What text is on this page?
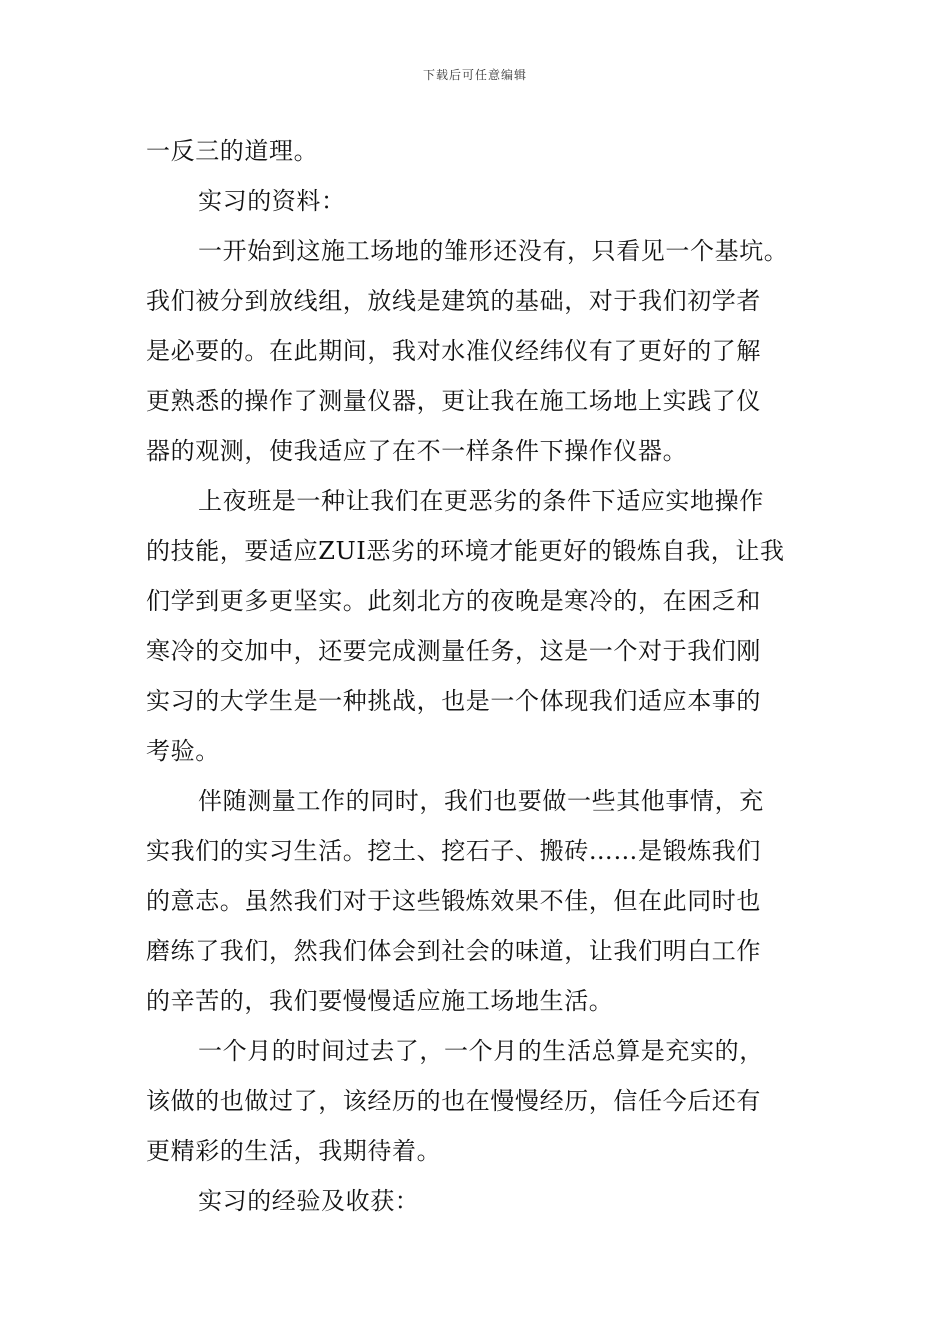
下载后可任意编辑
一反三的道理。
实习的资料：
一开始到这施工场地的雏形还没有，只看见一个基坑。
我们被分到放线组，放线是建筑的基础，对于我们初学者
是必要的。在此期间，我对水准仪经纬仪有了更好的了解
更熟悉的操作了测量仪器，更让我在施工场地上实践了仪
器的观测，使我适应了在不一样条件下操作仪器。
上夜班是一种让我们在更恶劣的条件下适应实地操作
的技能，要适应ZUI恶劣的环境才能更好的锻炼自我，让我
们学到更多更坚实。此刻北方的夜晚是寒冷的，在困乏和
寒冷的交加中，还要完成测量任务，这是一个对于我们刚
实习的大学生是一种挑战，也是一个体现我们适应本事的
考验。
伴随测量工作的同时，我们也要做一些其他事情，充
实我们的实习生活。挖土、挖石子、搬砖……是锻炼我们
的意志。虽然我们对于这些锻炼效果不佳，但在此同时也
磨练了我们，然我们体会到社会的味道，让我们明白工作
的辛苦的，我们要慢慢适应施工场地生活。
一个月的时间过去了，一个月的生活总算是充实的，
该做的也做过了，该经历的也在慢慢经历，信任今后还有
更精彩的生活，我期待着。
实习的经验及收获：
